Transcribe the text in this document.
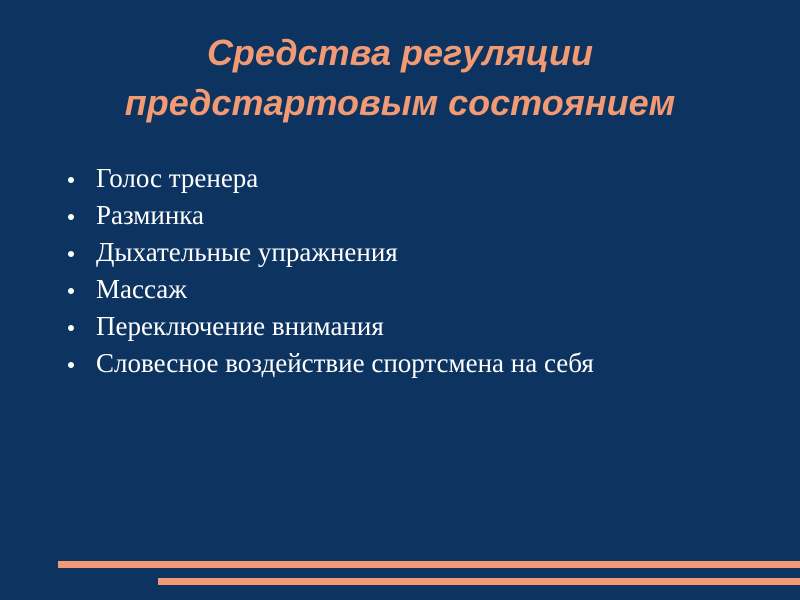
Средства регуляции
предстартовым состоянием
Голос тренера
Разминка
Дыхательные упражнения
Массаж
Переключение внимания
Словесное воздействие спортсмена на себя
